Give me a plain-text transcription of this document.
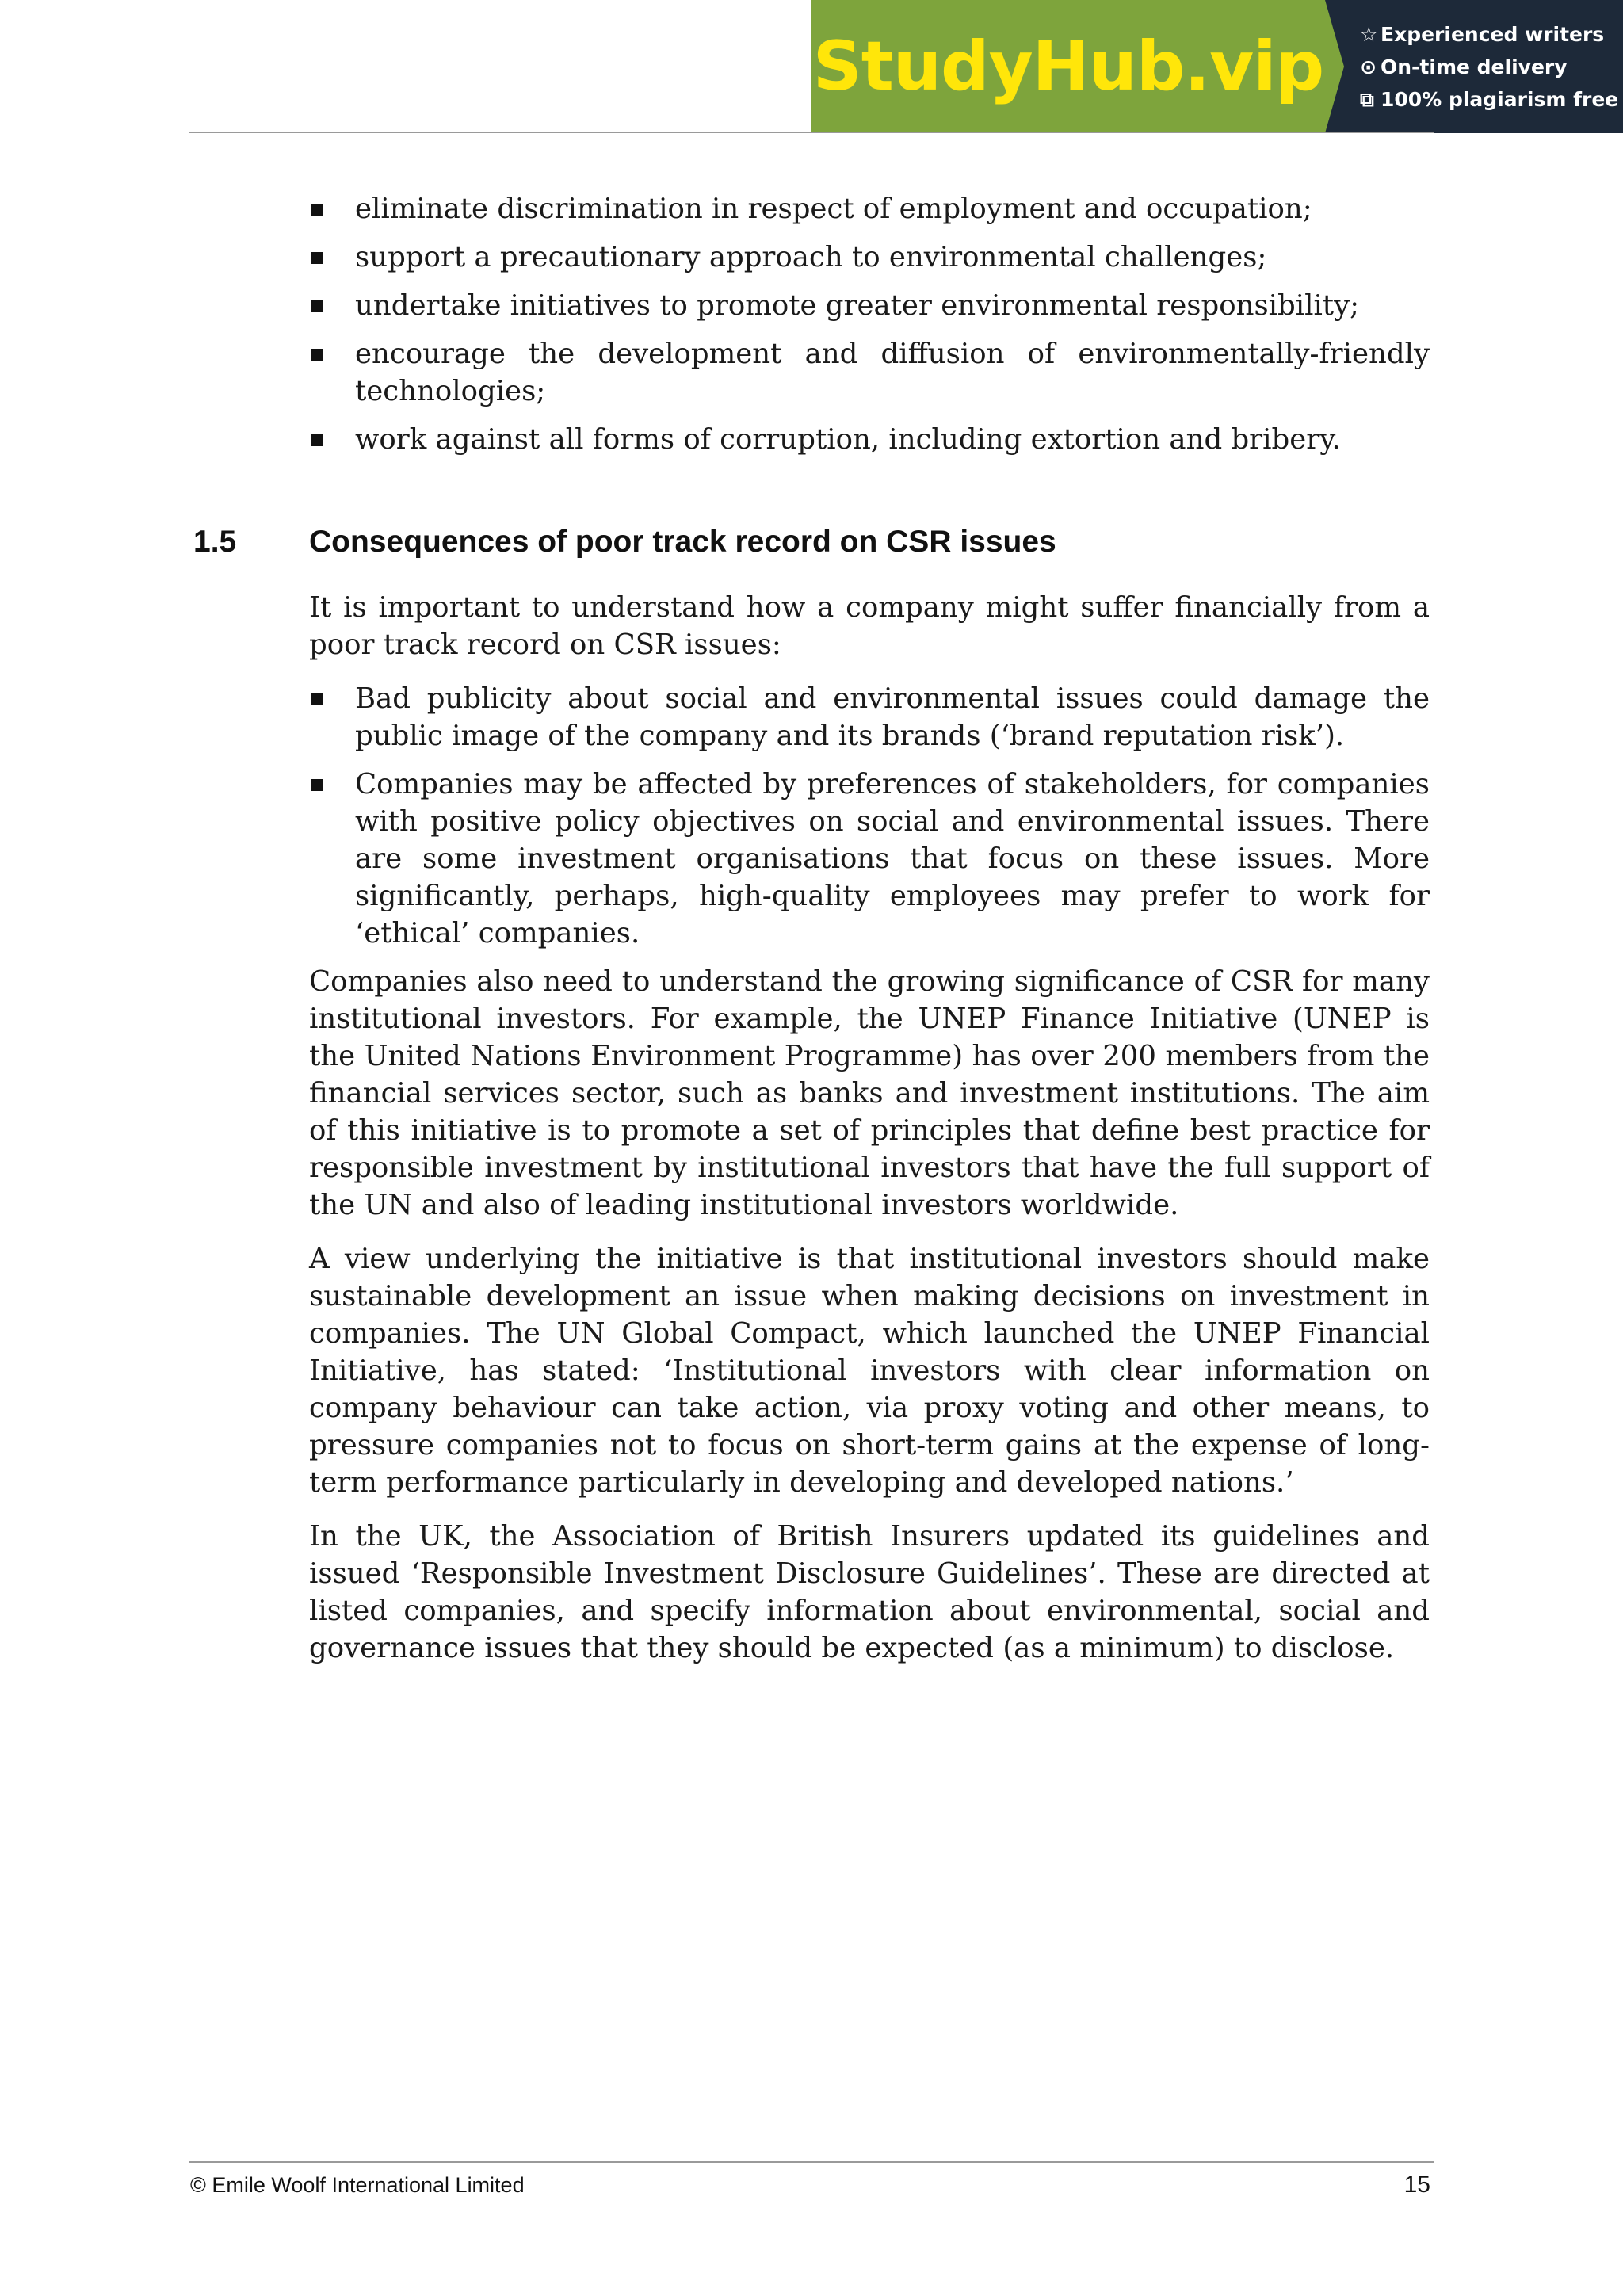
StudyHub.vip ☆ Experienced writers
⊙ On-time delivery
⧉ 100% plagiarism free
eliminate discrimination in respect of employment and occupation;
support a precautionary approach to environmental challenges;
undertake initiatives to promote greater environmental responsibility;
encourage the development and diffusion of environmentally-friendly technologies;
work against all forms of corruption, including extortion and bribery.
1.5 Consequences of poor track record on CSR issues

It is important to understand how a company might suffer financially from a poor track record on CSR issues:

Bad publicity about social and environmental issues could damage the public image of the company and its brands (‘brand reputation risk’).
Companies may be affected by preferences of stakeholders, for companies with positive policy objectives on social and environmental issues. There are some investment organisations that focus on these issues. More significantly, perhaps, high-quality employees may prefer to work for ‘ethical’ companies.

Companies also need to understand the growing significance of CSR for many institutional investors. For example, the UNEP Finance Initiative (UNEP is the United Nations Environment Programme) has over 200 members from the financial services sector, such as banks and investment institutions. The aim of this initiative is to promote a set of principles that define best practice for responsible investment by institutional investors that have the full support of the UN and also of leading institutional investors worldwide.

A view underlying the initiative is that institutional investors should make sustainable development an issue when making decisions on investment in companies. The UN Global Compact, which launched the UNEP Financial Initiative, has stated: ‘Institutional investors with clear information on company behaviour can take action, via proxy voting and other means, to pressure companies not to focus on short-term gains at the expense of long-term performance particularly in developing and developed nations.’

In the UK, the Association of British Insurers updated its guidelines and issued ‘Responsible Investment Disclosure Guidelines’. These are directed at listed companies, and specify information about environmental, social and governance issues that they should be expected (as a minimum) to disclose.

© Emile Woolf International Limited	15
